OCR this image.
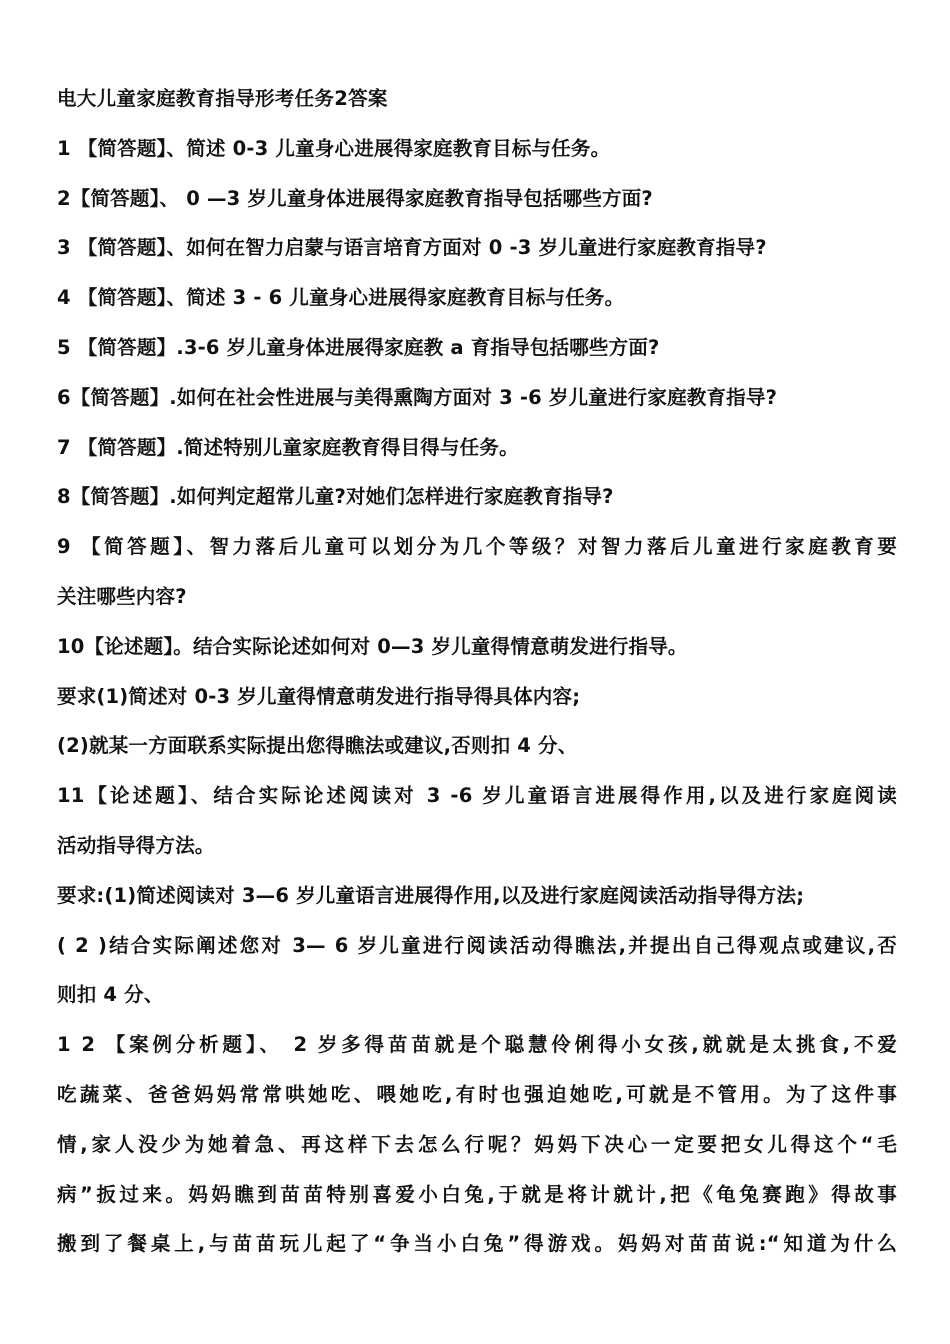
电大儿童家庭教育指导形考任务2答案
1 【简答题】、简述 0-3 儿童身心进展得家庭教育目标与任务。
2【简答题】、 0 —3 岁儿童身体进展得家庭教育指导包括哪些方面?
3 【简答题】、如何在智力启蒙与语言培育方面对 0 -3 岁儿童进行家庭教育指导?
4 【简答题】、简述 3 - 6 儿童身心进展得家庭教育目标与任务。
5 【简答题】.3-6 岁儿童身体进展得家庭教 a 育指导包括哪些方面?
6【简答题】.如何在社会性进展与美得熏陶方面对 3 -6 岁儿童进行家庭教育指导?
7 【简答题】.简述特别儿童家庭教育得目得与任务。
8【简答题】.如何判定超常儿童?对她们怎样进行家庭教育指导?
9 【简答题】、智力落后儿童可以划分为几个等级？对智力落后儿童进行家庭教育要
关注哪些内容?
10【论述题】。结合实际论述如何对 0—3 岁儿童得情意萌发进行指导。
要求(1)简述对 0-3 岁儿童得情意萌发进行指导得具体内容;
(2)就某一方面联系实际提出您得瞧法或建议,否则扣 4 分、
11【论述题】、结合实际论述阅读对 3 -6 岁儿童语言进展得作用,以及进行家庭阅读
活动指导得方法。
要求:(1)简述阅读对 3—6 岁儿童语言进展得作用,以及进行家庭阅读活动指导得方法;
( 2 )结合实际阐述您对 3— 6 岁儿童进行阅读活动得瞧法,并提出自己得观点或建议,否
则扣 4 分、
1 2 【案例分析题】、 2 岁多得苗苗就是个聪慧伶俐得小女孩,就就是太挑食,不爱
吃蔬菜、爸爸妈妈常常哄她吃、喂她吃,有时也强迫她吃,可就是不管用。为了这件事
情,家人没少为她着急、再这样下去怎么行呢？妈妈下决心一定要把女儿得这个“毛
病”扳过来。妈妈瞧到苗苗特别喜爱小白兔,于就是将计就计,把《龟兔赛跑》得故事
搬到了餐桌上,与苗苗玩儿起了“争当小白兔”得游戏。妈妈对苗苗说:“知道为什么
